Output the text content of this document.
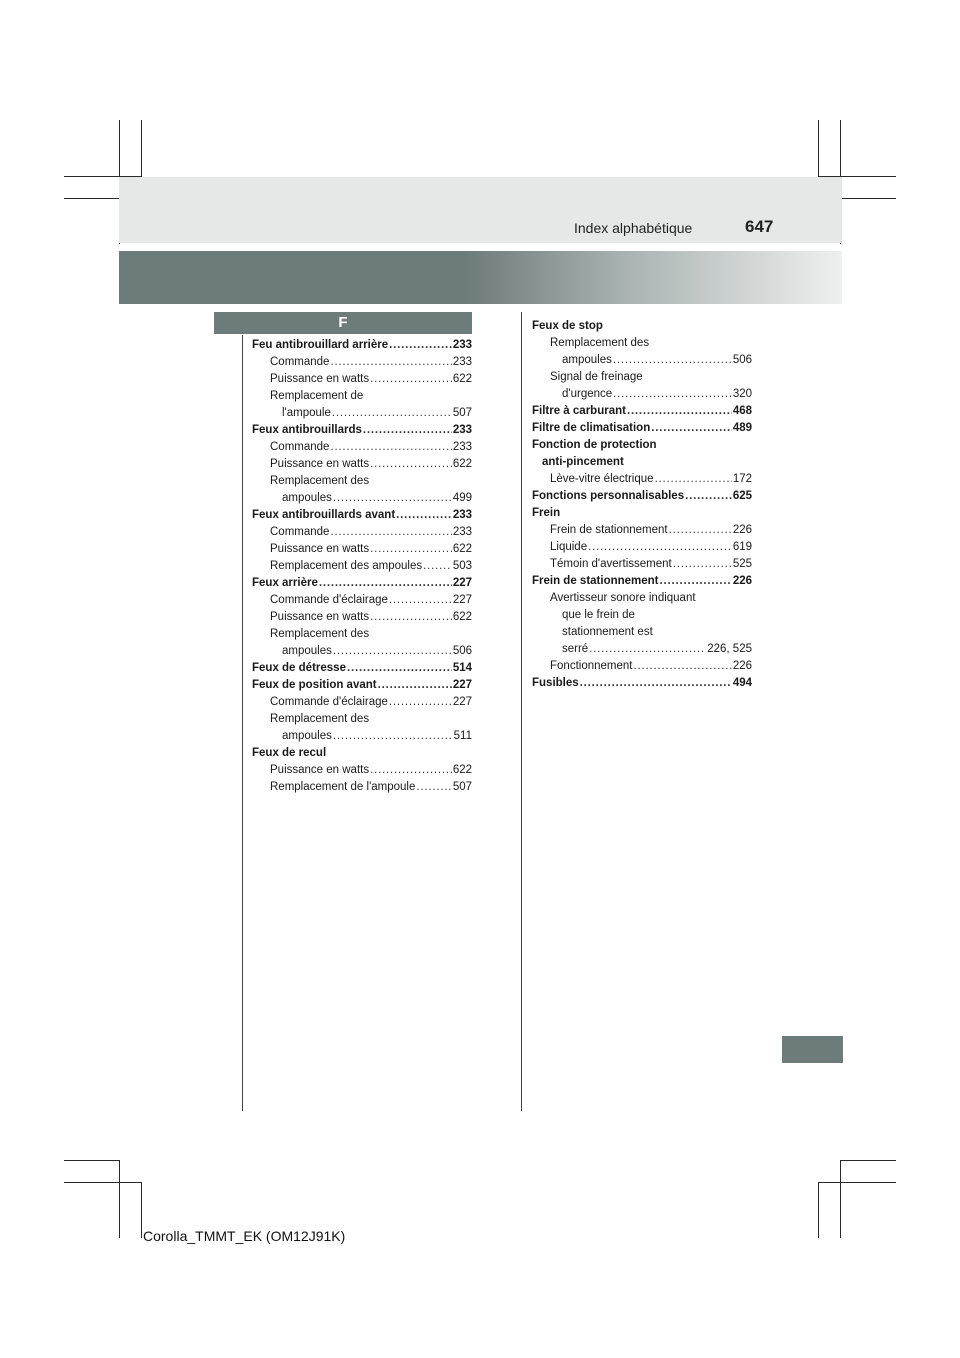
Index alphabétique	647
F
Feu antibrouillard arrière . . .	233
Commande . . .	233
Puissance en watts . . .	622
Remplacement de
l'ampoule . . .	507
Feux antibrouillards . . .	233
Commande . . .	233
Puissance en watts . . .	622
Remplacement des
ampoules . . .	499
Feux antibrouillards avant . . .	233
Commande . . .	233
Puissance en watts . . .	622
Remplacement des ampoules . . .	503
Feux arrière . . .	227
Commande d'éclairage . . .	227
Puissance en watts . . .	622
Remplacement des
ampoules . . .	506
Feux de détresse . . .	514
Feux de position avant . . .	227
Commande d'éclairage . . .	227
Remplacement des
ampoules . . .	511
Feux de recul
Puissance en watts . . .	622
Remplacement de l'ampoule . . .	507
Feux de stop
Remplacement des
ampoules . . .	506
Signal de freinage
d'urgence . . .	320
Filtre à carburant . . .	468
Filtre de climatisation . . .	489
Fonction de protection
anti-pincement
Lève-vitre électrique . . .	172
Fonctions personnalisables . . .	625
Frein
Frein de stationnement . . .	226
Liquide . . .	619
Témoin d'avertissement . . .	525
Frein de stationnement . . .	226
Avertisseur sonore indiquant
que le frein de
stationnement est
serré . . .	226, 525
Fonctionnement . . .	226
Fusibles . . .	494
Corolla_TMMT_EK (OM12J91K)
